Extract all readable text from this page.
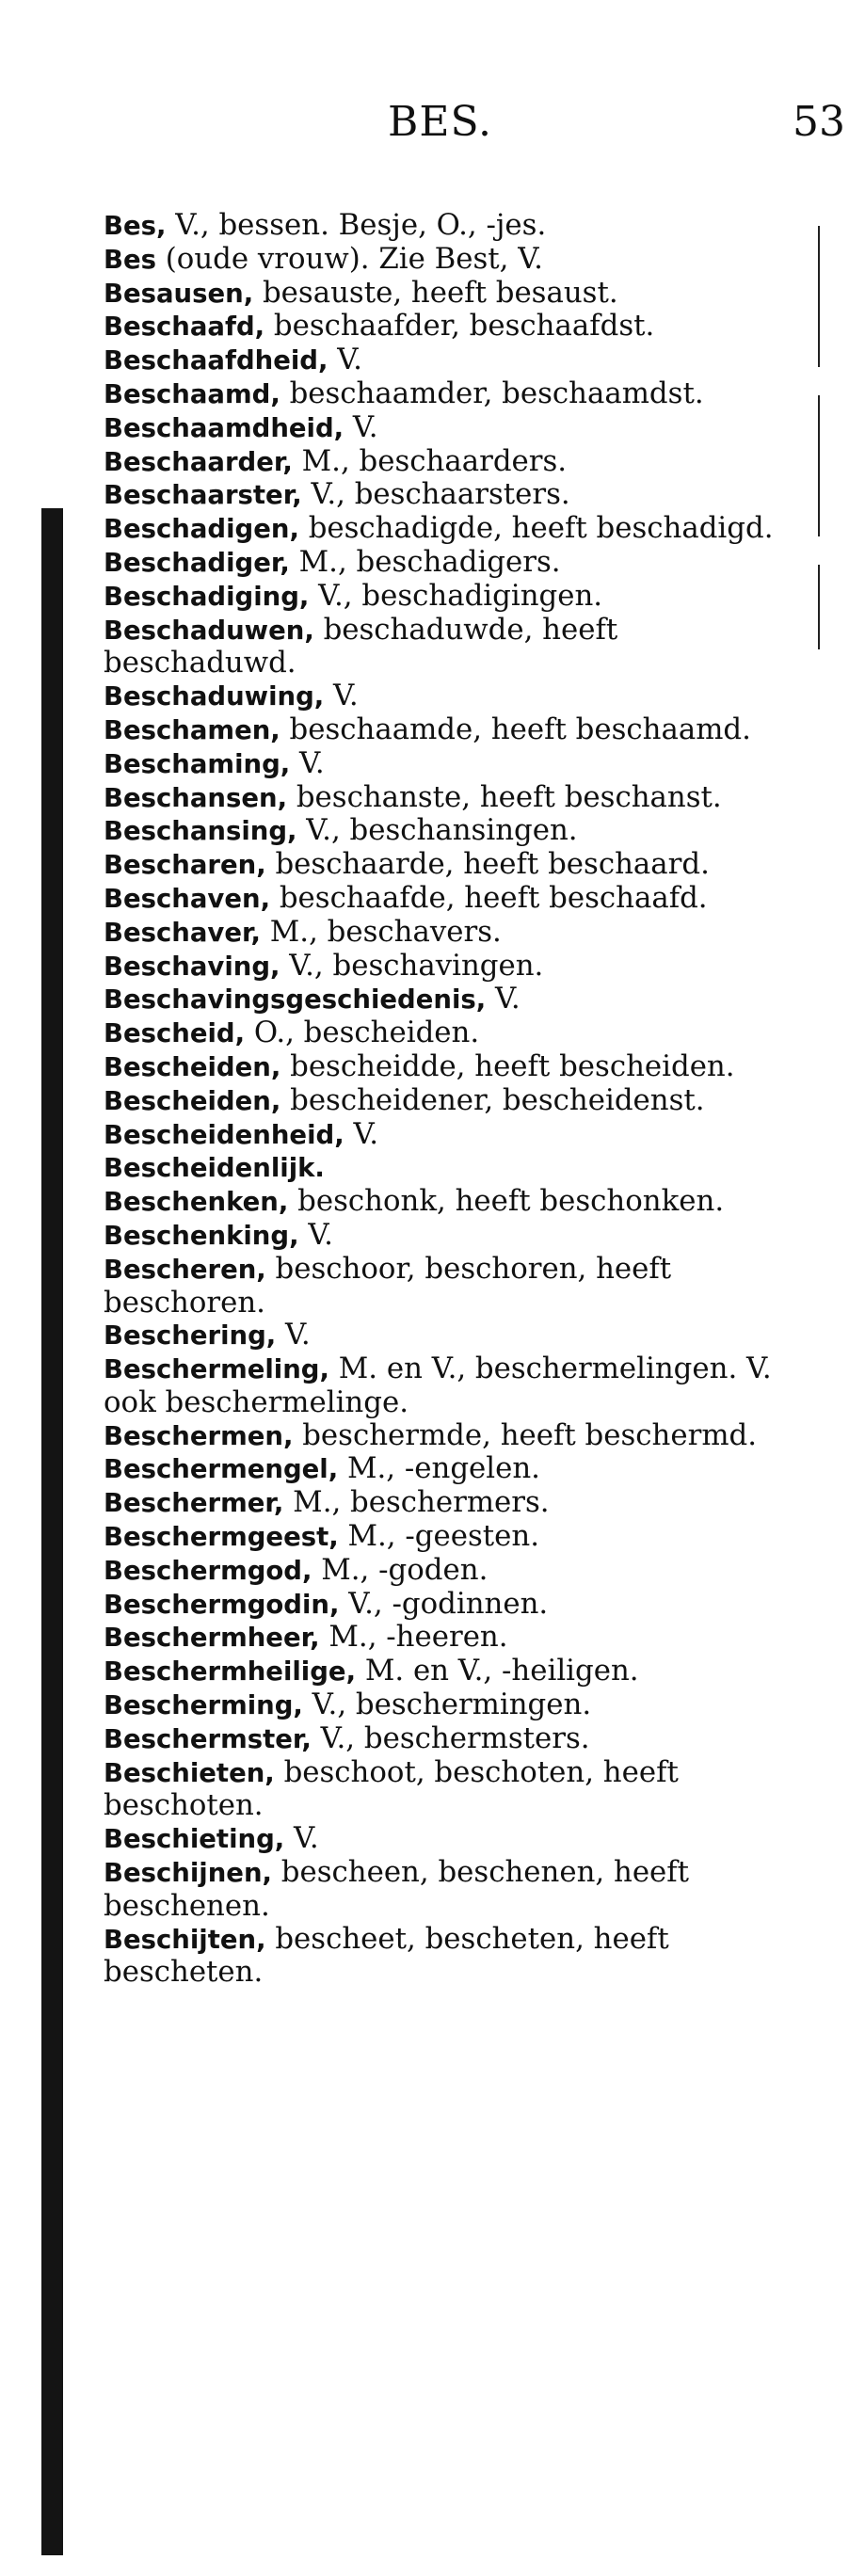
BES.	53
Bes, V., bessen. Besje, O., -jes.
Bes (oude vrouw). Zie Best, V.
Besausen, besauste, heeft besaust.
Beschaafd, beschaafder, beschaafdst.
Beschaafdheid, V.
Beschaamd, beschaamder, beschaamdst.
Beschaamdheid, V.
Beschaarder, M., beschaarders.
Beschaarster, V., beschaarsters.
Beschadigen, beschadigde, heeft beschadigd.
Beschadiger, M., beschadigers.
Beschadiging, V., beschadigingen.
Beschaduwen, beschaduwde, heeft beschaduwd.
Beschaduwing, V.
Beschamen, beschaamde, heeft beschaamd.
Beschaming, V.
Beschansen, beschanste, heeft beschanst.
Beschansing, V., beschansingen.
Bescharen, beschaarde, heeft beschaard.
Beschaven, beschaafde, heeft beschaafd.
Beschaver, M., beschavers.
Beschaving, V., beschavingen.
Beschavingsgeschiedenis, V.
Bescheid, O., bescheiden.
Bescheiden, bescheidde, heeft bescheiden.
Bescheiden, bescheidener, bescheidenst.
Bescheidenheid, V.
Bescheidenlijk.
Beschenken, beschonk, heeft beschonken.
Beschenking, V.
Bescheren, beschoor, beschoren, heeft beschoren.
Beschering, V.
Beschermeling, M. en V., beschermelingen. V. ook beschermelinge.
Beschermen, beschermde, heeft beschermd.
Beschermengel, M., -engelen.
Beschermer, M., beschermers.
Beschermgeest, M., -geesten.
Beschermgod, M., -goden.
Beschermgodin, V., -godinnen.
Beschermheer, M., -heeren.
Beschermheilige, M. en V., -heiligen.
Bescherming, V., beschermingen.
Beschermster, V., beschermsters.
Beschieten, beschoot, beschoten, heeft beschoten.
Beschieting, V.
Beschijnen, bescheen, beschenen, heeft beschenen.
Beschijten, bescheet, bescheten, heeft bescheten.
